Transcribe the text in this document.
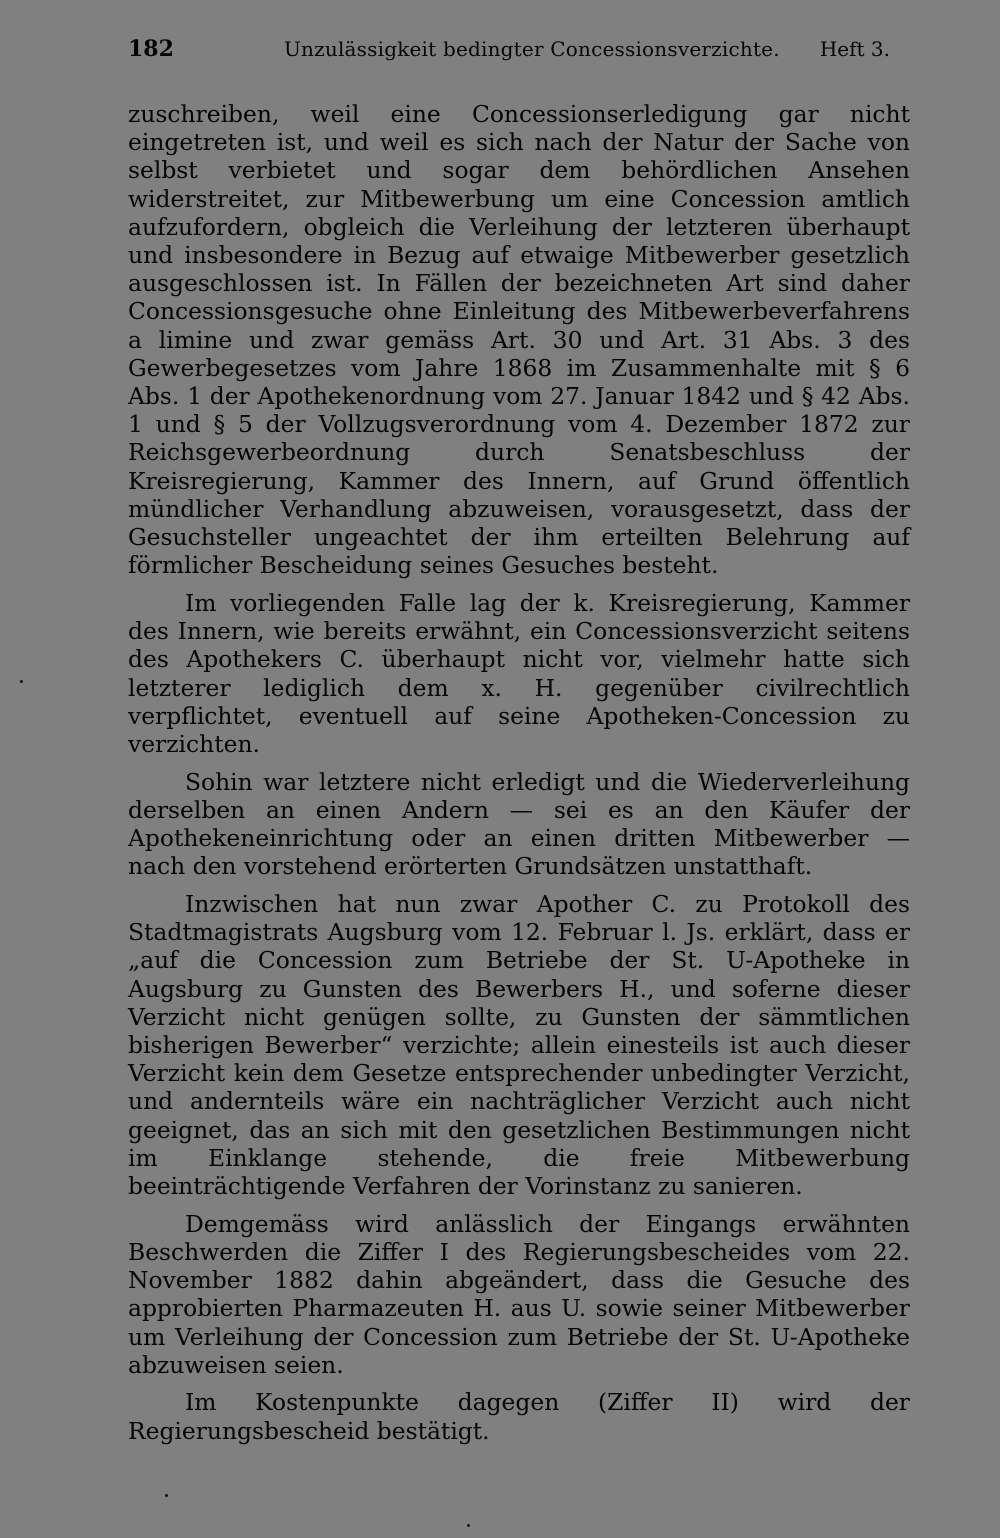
182	Unzulässigkeit bedingter Concessionsverzichte. Heft 3.

zuschreiben, weil eine Concessionserledigung gar nicht eingetreten ist, und weil es sich nach der Natur der Sache von selbst verbietet und sogar dem behördlichen Ansehen widerstreitet, zur Mitbewerbung um eine Concession amtlich aufzufordern, obgleich die Verleihung der letzteren überhaupt und insbesondere in Bezug auf etwaige Mitbewerber gesetzlich ausgeschlossen ist. In Fällen der bezeichneten Art sind daher Concessionsgesuche ohne Einleitung des Mitbewerbeverfahrens a limine und zwar gemäss Art. 30 und Art. 31 Abs. 3 des Gewerbegesetzes vom Jahre 1868 im Zusammenhalte mit § 6 Abs. 1 der Apothekenordnung vom 27. Januar 1842 und § 42 Abs. 1 und § 5 der Vollzugsverordnung vom 4. Dezember 1872 zur Reichsgewerbeordnung durch Senatsbeschluss der Kreisregierung, Kammer des Innern, auf Grund öffentlich mündlicher Verhandlung abzuweisen, vorausgesetzt, dass der Gesuchsteller ungeachtet der ihm erteilten Belehrung auf förmlicher Bescheidung seines Gesuches besteht.

Im vorliegenden Falle lag der k. Kreisregierung, Kammer des Innern, wie bereits erwähnt, ein Concessionsverzicht seitens des Apothekers C. überhaupt nicht vor, vielmehr hatte sich letzterer lediglich dem x. H. gegenüber civilrechtlich verpflichtet, eventuell auf seine Apotheken-Concession zu verzichten.

Sohin war letztere nicht erledigt und die Wiederverleihung derselben an einen Andern — sei es an den Käufer der Apothekeneinrichtung oder an einen dritten Mitbewerber — nach den vorstehend erörterten Grundsätzen unstatthaft.

Inzwischen hat nun zwar Apother C. zu Protokoll des Stadtmagistrats Augsburg vom 12. Februar l. Js. erklärt, dass er „auf die Concession zum Betriebe der St. U-Apotheke in Augsburg zu Gunsten des Bewerbers H., und soferne dieser Verzicht nicht genügen sollte, zu Gunsten der sämmtlichen bisherigen Bewerber“ verzichte; allein einesteils ist auch dieser Verzicht kein dem Gesetze entsprechender unbedingter Verzicht, und andernteils wäre ein nachträglicher Verzicht auch nicht geeignet, das an sich mit den gesetzlichen Bestimmungen nicht im Einklange stehende, die freie Mitbewerbung beeinträchtigende Verfahren der Vorinstanz zu sanieren.

Demgemäss wird anlässlich der Eingangs erwähnten Beschwerden die Ziffer I des Regierungsbescheides vom 22. November 1882 dahin abgeändert, dass die Gesuche des approbierten Pharmazeuten H. aus U. sowie seiner Mitbewerber um Verleihung der Concession zum Betriebe der St. U-Apotheke abzuweisen seien.

Im Kostenpunkte dagegen (Ziffer II) wird der Regierungsbescheid bestätigt.
